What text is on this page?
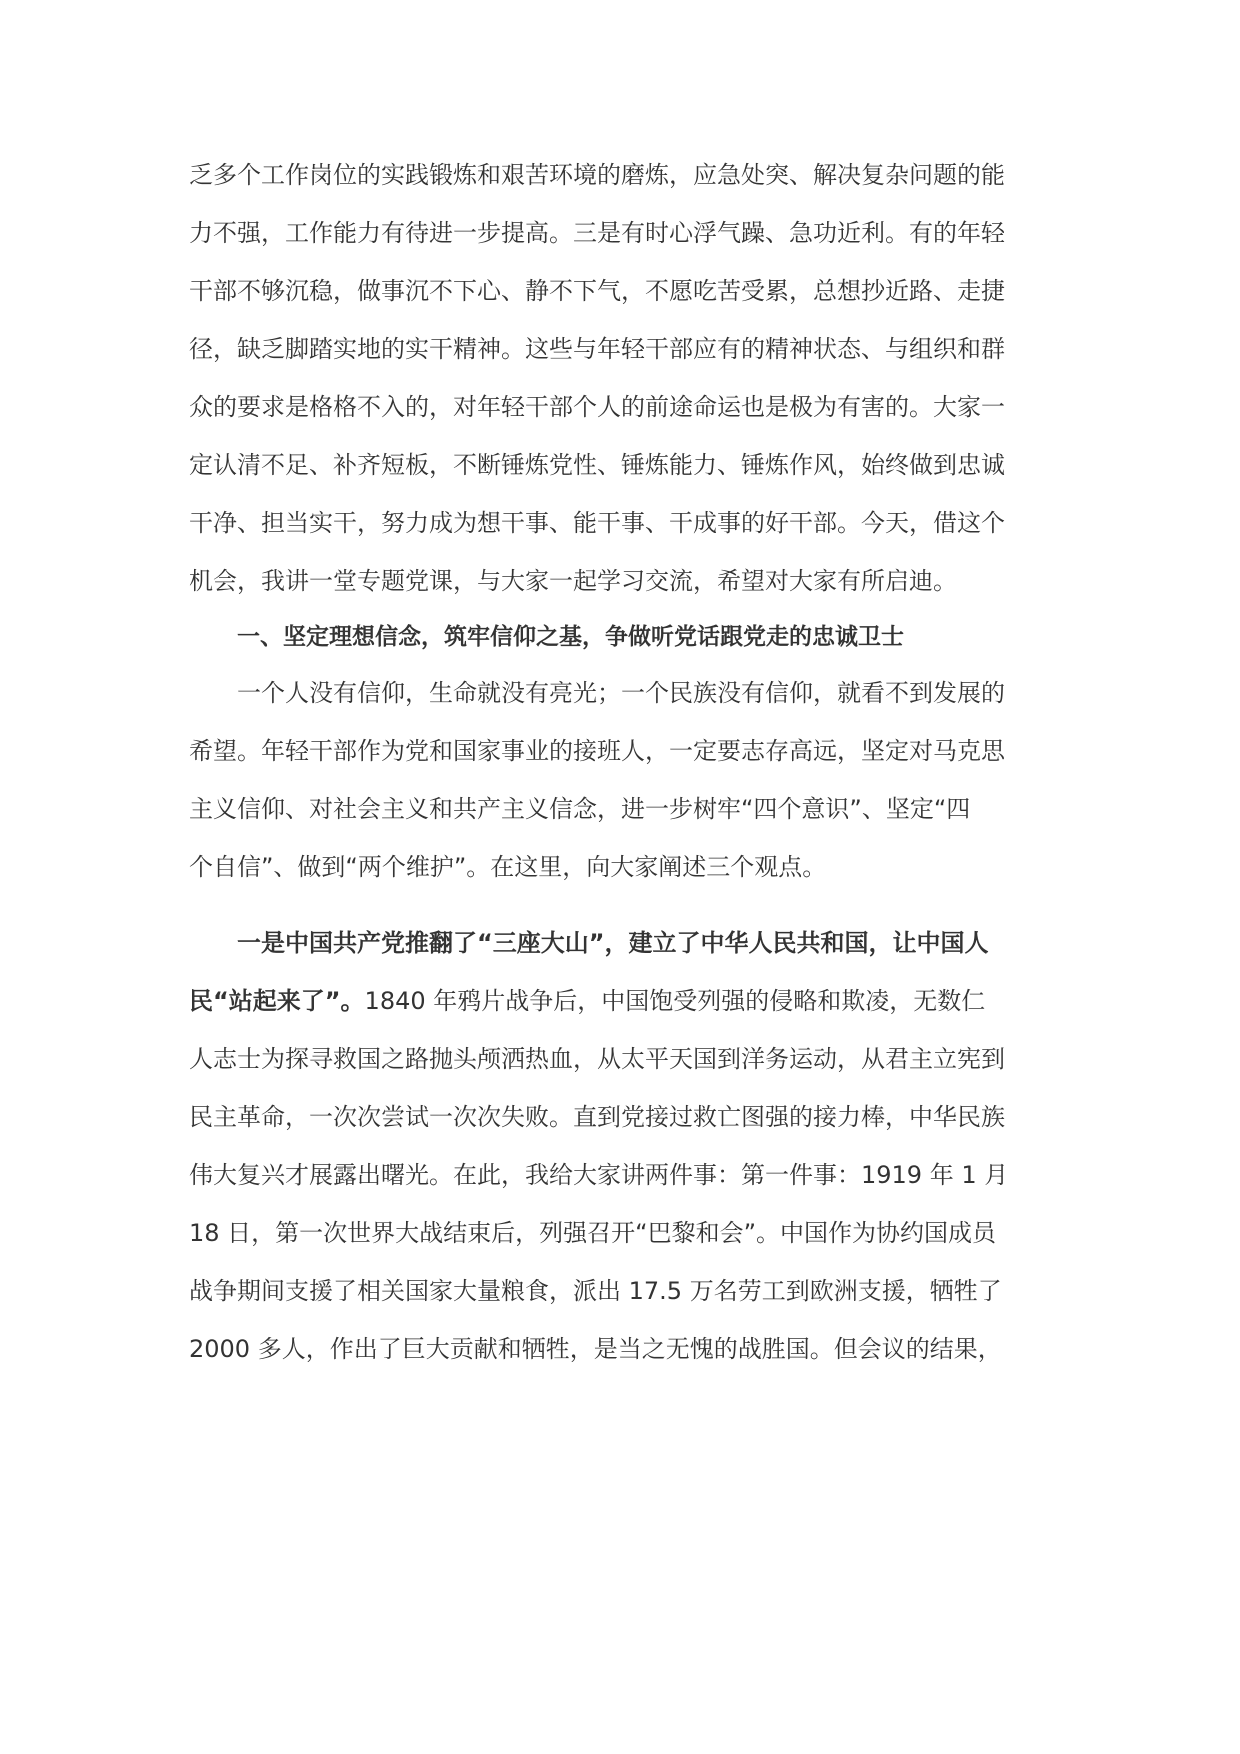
乏多个工作岗位的实践锻炼和艰苦环境的磨炼，应急处突、解决复杂问题的能
力不强，工作能力有待进一步提高。三是有时心浮气躁、急功近利。有的年轻
干部不够沉稳，做事沉不下心、静不下气，不愿吃苦受累，总想抄近路、走捷
径，缺乏脚踏实地的实干精神。这些与年轻干部应有的精神状态、与组织和群
众的要求是格格不入的，对年轻干部个人的前途命运也是极为有害的。大家一
定认清不足、补齐短板，不断锤炼党性、锤炼能力、锤炼作风，始终做到忠诚
干净、担当实干，努力成为想干事、能干事、干成事的好干部。今天，借这个
机会，我讲一堂专题党课，与大家一起学习交流，希望对大家有所启迪。
一、坚定理想信念，筑牢信仰之基，争做听党话跟党走的忠诚卫士
一个人没有信仰，生命就没有亮光；一个民族没有信仰，就看不到发展的
希望。年轻干部作为党和国家事业的接班人，一定要志存高远，坚定对马克思
主义信仰、对社会主义和共产主义信念，进一步树牢“四个意识”、坚定“四
个自信”、做到“两个维护”。在这里，向大家阐述三个观点。
一是中国共产党推翻了“三座大山”，建立了中华人民共和国，让中国人
民“站起来了”。1840 年鸦片战争后，中国饱受列强的侵略和欺凌，无数仁
人志士为探寻救国之路抛头颅洒热血，从太平天国到洋务运动，从君主立宪到
民主革命，一次次尝试一次次失败。直到党接过救亡图强的接力棒，中华民族
伟大复兴才展露出曙光。在此，我给大家讲两件事：第一件事：1919 年 1 月
18 日，第一次世界大战结束后，列强召开“巴黎和会”。中国作为协约国成员
战争期间支援了相关国家大量粮食，派出 17.5 万名劳工到欧洲支援，牺牲了
2000 多人，作出了巨大贡献和牺牲，是当之无愧的战胜国。但会议的结果，
